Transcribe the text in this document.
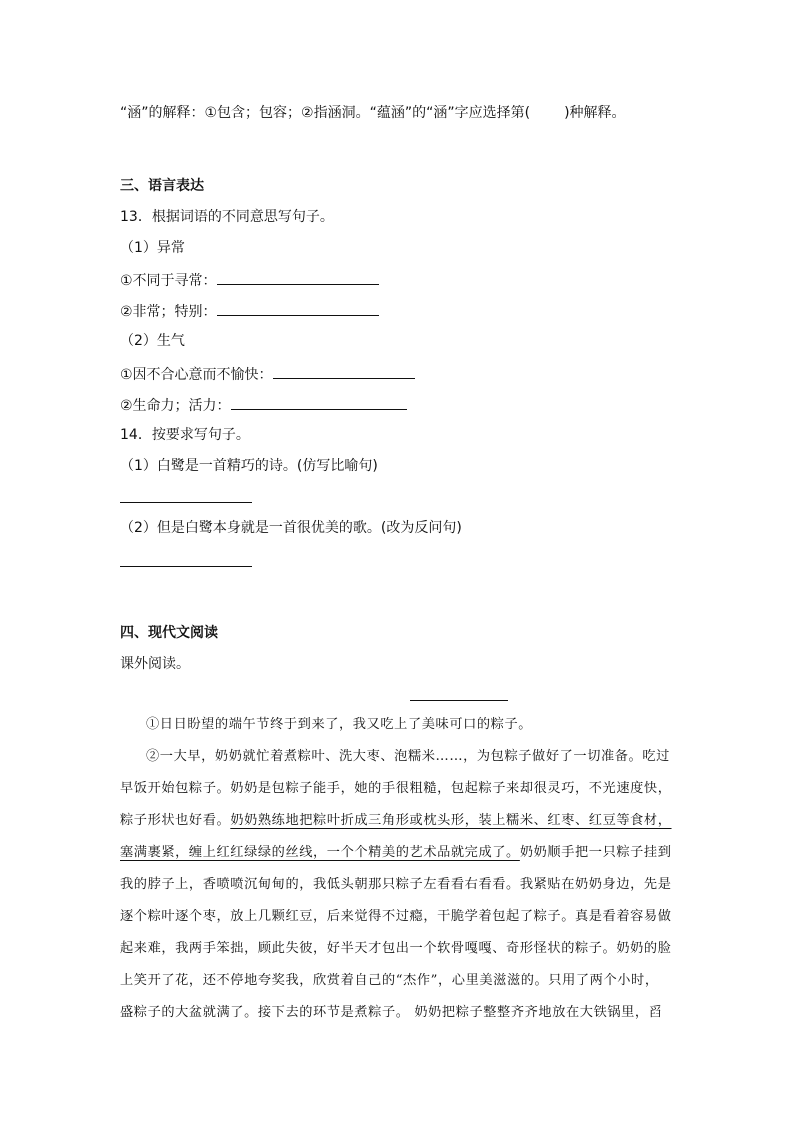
“涵”的解释：①包含；包容；②指涵洞。“蕴涵”的“涵”字应选择第( )种解释。
三、语言表达
13．根据词语的不同意思写句子。
（1）异常
①不同于寻常：
②非常；特别：
（2）生气
①因不合心意而不愉快：
②生命力；活力：
14．按要求写句子。
（1）白鹭是一首精巧的诗。(仿写比喻句)
（2）但是白鹭本身就是一首很优美的歌。(改为反问句)
四、现代文阅读
课外阅读。
①日日盼望的端午节终于到来了，我又吃上了美味可口的粽子。
②一大早，奶奶就忙着煮粽叶、洗大枣、泡糯米……，为包粽子做好了一切准备。吃过
早饭开始包粽子。奶奶是包粽子能手，她的手很粗糙，包起粽子来却很灵巧，不光速度快，
粽子形状也好看。奶奶熟练地把粽叶折成三角形或枕头形，装上糯米、红枣、红豆等食材，
塞满裹紧，缠上红红绿绿的丝线，一个个精美的艺术品就完成了。奶奶顺手把一只粽子挂到
我的脖子上，香喷喷沉甸甸的，我低头朝那只粽子左看看右看看。我紧贴在奶奶身边，先是
逐个粽叶逐个枣，放上几颗红豆，后来觉得不过瘾，干脆学着包起了粽子。真是看着容易做
起来难，我两手笨拙，顾此失彼，好半天才包出一个软骨嘎嘎、奇形怪状的粽子。奶奶的脸
上笑开了花，还不停地夸奖我，欣赏着自己的“杰作”，心里美滋滋的。只用了两个小时，
盛粽子的大盆就满了。接下去的环节是煮粽子。 奶奶把粽子整整齐齐地放在大铁锅里，舀
